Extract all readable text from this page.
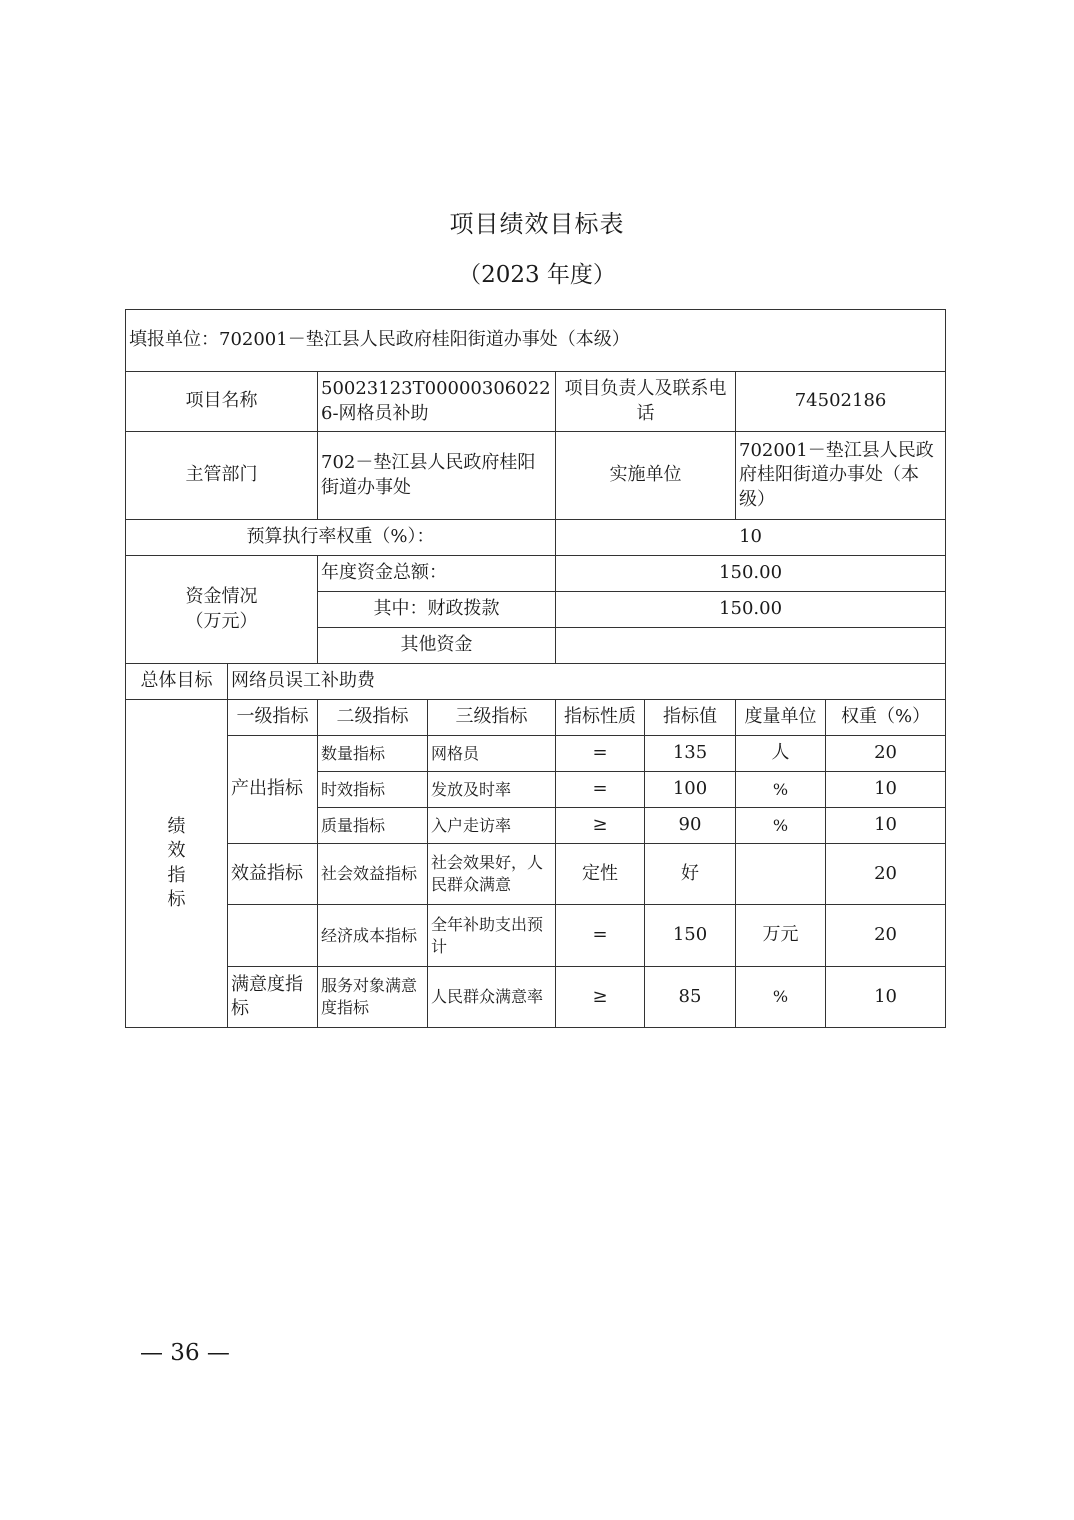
项目绩效目标表
（2023 年度）
填报单位：702001－垫江县人民政府桂阳街道办事处（本级）							
项目名称		50023123T000003060226-网格员补助		项目负责人及联系电话		74502186	
主管部门		702－垫江县人民政府桂阳 街道办事处		实施单位		702001－垫江县人民政府桂阳街道办事处（本级）	
预算执行率权重（%）：				10			

资金情况
（万元）		年度资金总额：		150.00			
		其中：财政拨款		150.00			
		其他资金					
总体目标	网络员误工补助费						

绩
效
指
标	一级指标	二级指标	三级指标	指标性质	指标值	度量单位	权重（%）
	产出指标	数量指标	网格员	=	135	人	20
		时效指标	发放及时率	=	100	%	10
		质量指标	入户走访率	≥	90	%	10
	效益指标	社会效益指标	社会效果好，人民群众满意	定性	好		20
		经济成本指标	全年补助支出预计	=	150	万元	20
	满意度指标	服务对象满意度指标	人民群众满意率	≥	85	%	10
— 36 —
